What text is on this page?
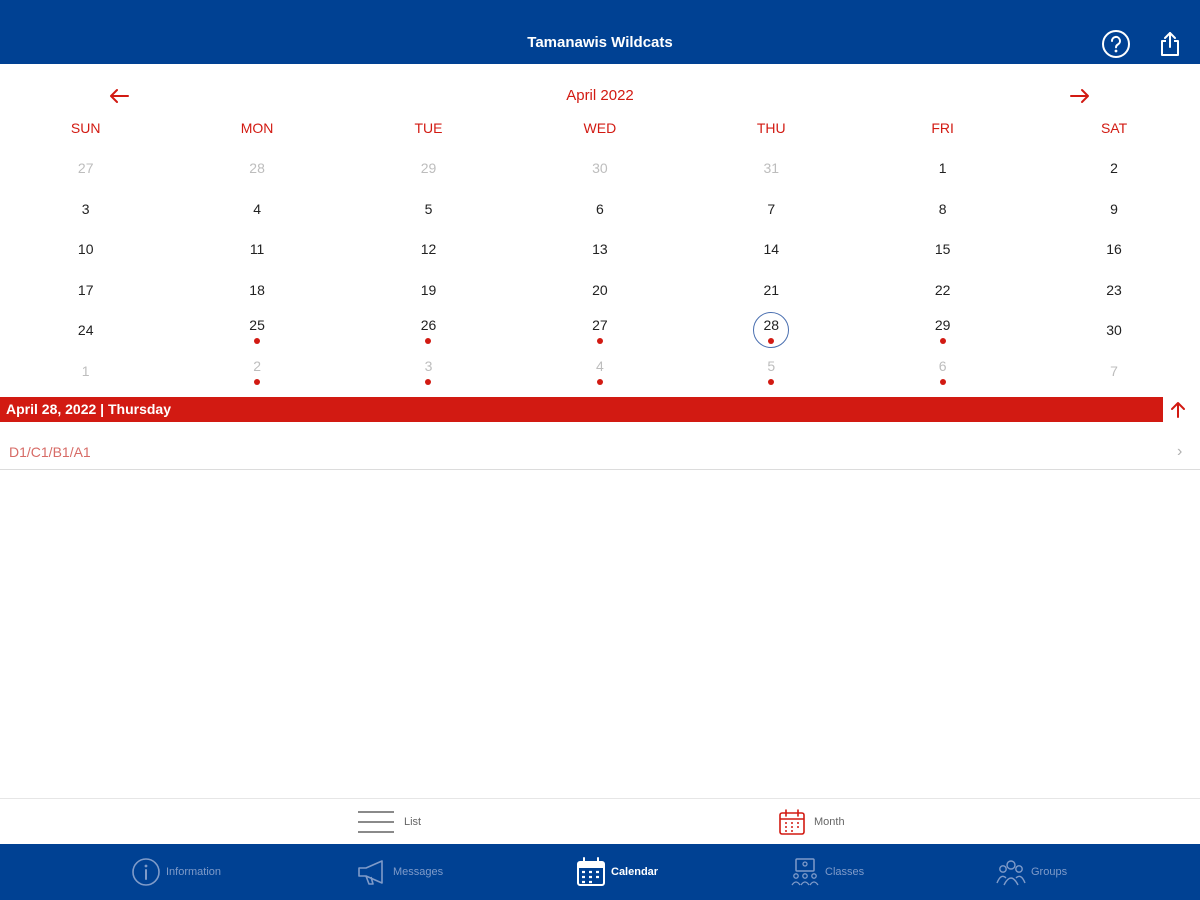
Tamanawis Wildcats
April 2022
SUN	MON	TUE	WED	THU	FRI	SAT
27	28	29	30	31	1	2
3	4	5	6	7	8	9
10	11	12	13	14	15	16
17	18	19	20	21	22	23
24	25	26	27	28	29	30
1	2	3	4	5	6	7
April 28, 2022 | Thursday
D1/C1/B1/A1	›
List	Month
Information	Messages	Calendar	Classes	Groups
